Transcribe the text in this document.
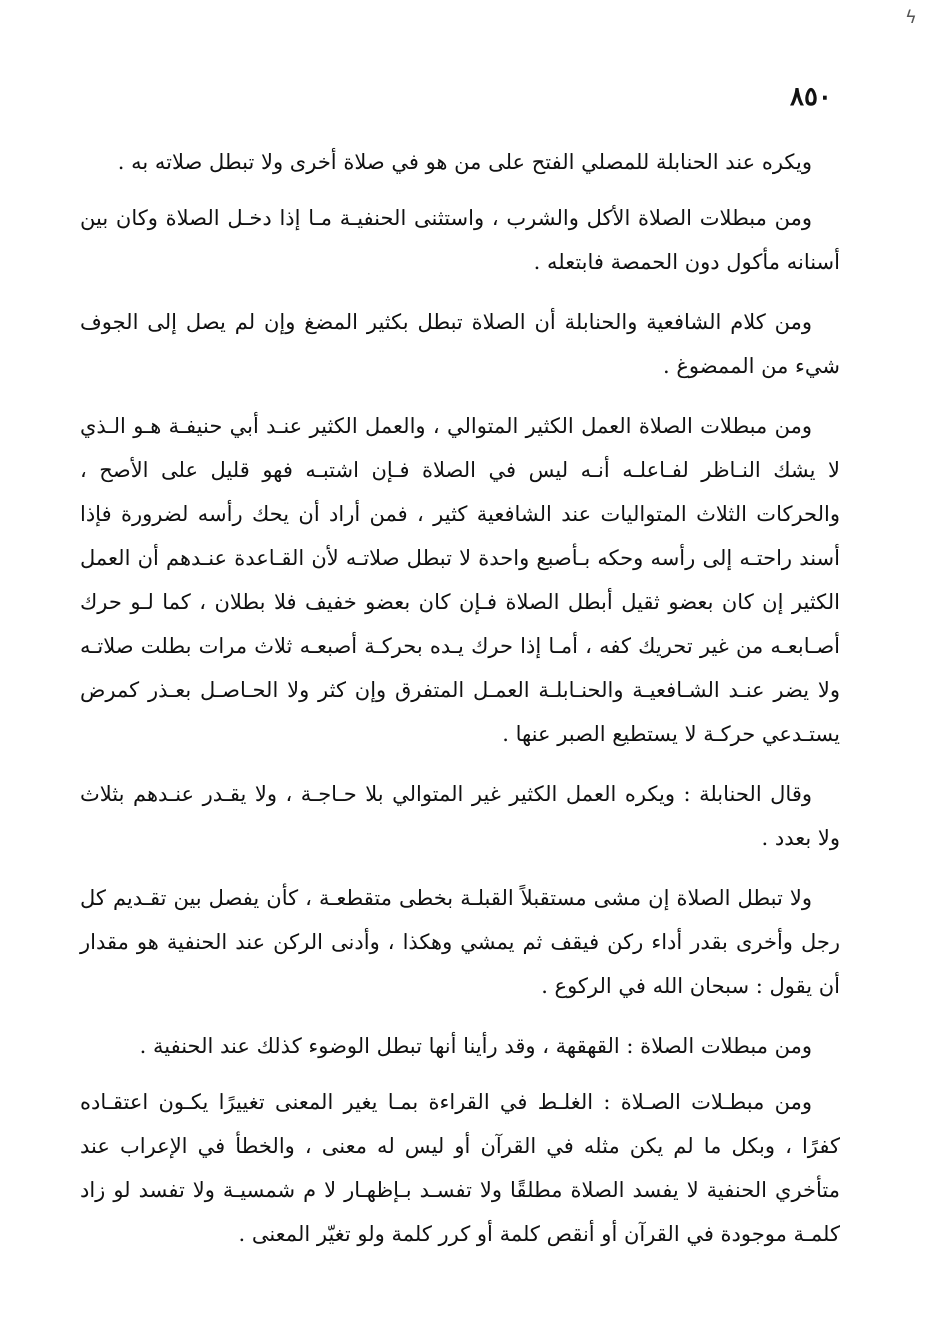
ϟ
٨٥٠

ويكره عند الحنابلة للمصلي الفتح على من هو في صلاة أخرى ولا تبطل صلاته به .

ومن مبطلات الصلاة الأكل والشرب ، واستثنى الحنفيـة مـا إذا دخـل الصلاة وكان بين أسنانه مأكول دون الحمصة فابتعله .

ومن كلام الشافعية والحنابلة أن الصلاة تبطل بكثير المضغ وإن لم يصل إلى الجوف شيء من الممضوغ .

ومن مبطلات الصلاة العمل الكثير المتوالي ، والعمل الكثير عنـد أبي حنيفـة هـو الـذي لا يشك النـاظر لفـاعلـه أنـه ليس في الصلاة فـإن اشتبـه فهو قليل على الأصح ، والحركات الثلاث المتواليات عند الشافعية كثير ، فمن أراد أن يحك رأسه لضرورة فإذا أسند راحتـه إلى رأسه وحكه بـأصبع واحدة لا تبطل صلاتـه لأن القـاعدة عنـدهم أن العمل الكثير إن كان بعضو ثقيل أبطل الصلاة فـإن كان بعضو خفيف فلا بطلان ، كما لـو حرك أصـابعـه من غير تحريك كفه ، أمـا إذا حرك يـده بحركـة أصبعـه ثلاث مرات بطلت صلاتـه ولا يضر عنـد الشـافعيـة والحنـابلـة العمـل المتفرق وإن كثر ولا الحـاصـل بعـذر كمرض يستـدعي حركـة لا يستطيع الصبر عنها .

وقال الحنابلة : ويكره العمل الكثير غير المتوالي بلا حـاجـة ، ولا يقـدر عنـدهم بثلاث ولا بعدد .

ولا تبطل الصلاة إن مشى مستقبلاً القبلـة بخطى متقطعـة ، كأن يفصل بين تقـديم كل رجل وأخرى بقدر أداء ركن فيقف ثم يمشي وهكذا ، وأدنى الركن عند الحنفية هو مقدار أن يقول : سبحان الله في الركوع .

ومن مبطلات الصلاة : القهقهة ، وقد رأينا أنها تبطل الوضوء كذلك عند الحنفية .

ومن مبطـلات الصـلاة : الغلـط في القراءة بمـا يغير المعنى تغييرًا يكـون اعتقـاده كفرًا ، وبكل ما لم يكن مثله في القرآن أو ليس له معنى ، والخطأ في الإعراب عند متأخري الحنفية لا يفسد الصلاة مطلقًا ولا تفسـد بـإظهـار لا م شمسيـة ولا تفسد لو زاد كلمـة موجودة في القرآن أو أنقص كلمة أو كرر كلمة ولو تغيّر المعنى .
